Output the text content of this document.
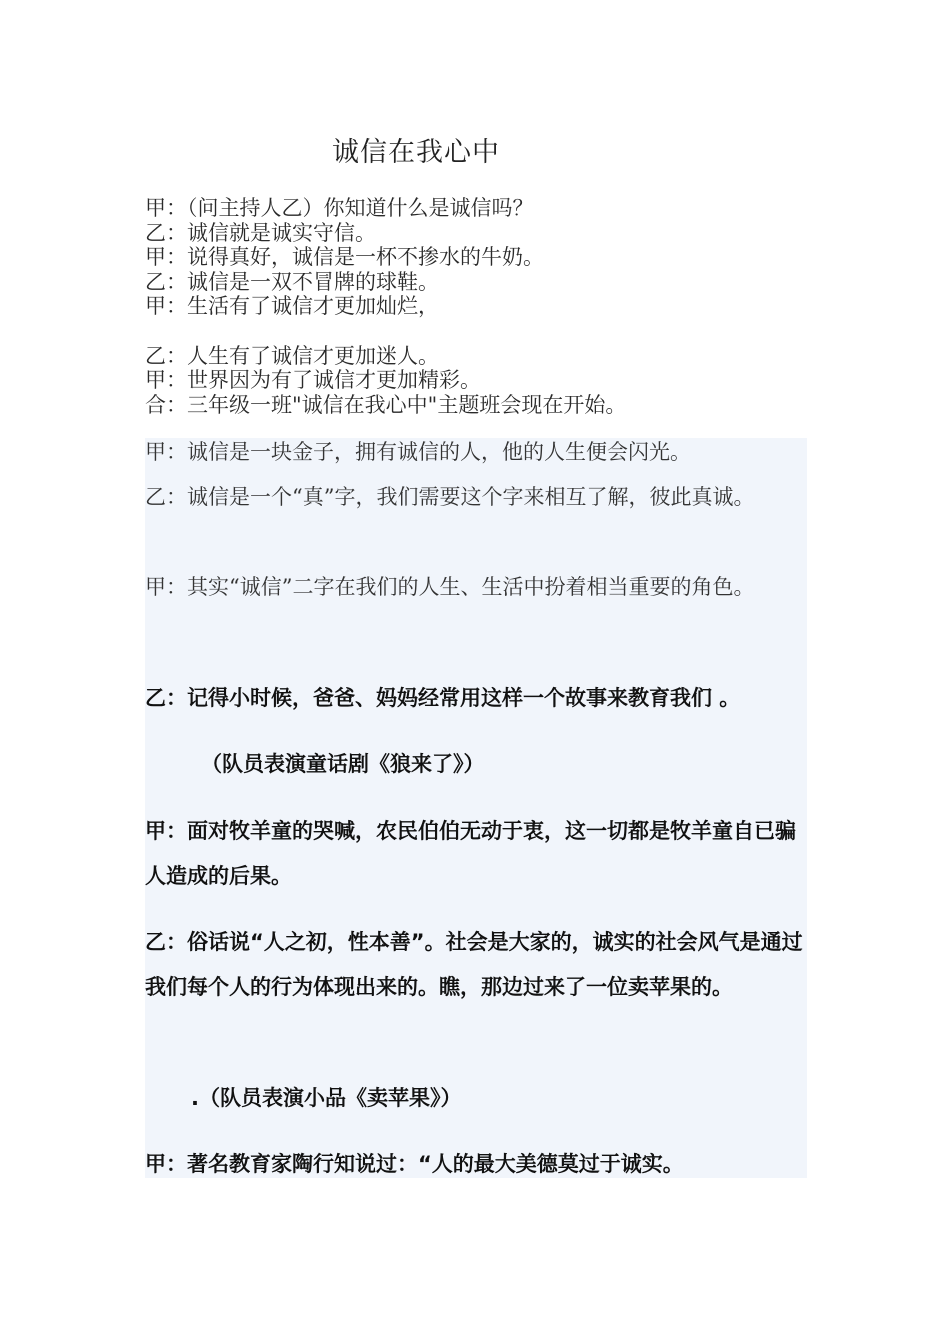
诚信在我心中
甲：（问主持人乙）你知道什么是诚信吗？
乙：诚信就是诚实守信。
甲：说得真好，诚信是一杯不掺水的牛奶。
乙：诚信是一双不冒牌的球鞋。
甲：生活有了诚信才更加灿烂，
乙：人生有了诚信才更加迷人。
甲：世界因为有了诚信才更加精彩。
合：三年级一班"诚信在我心中"主题班会现在开始。
甲：诚信是一块金子，拥有诚信的人，他的人生便会闪光。
乙：诚信是一个“真”字，我们需要这个字来相互了解，彼此真诚。
甲：其实“诚信”二字在我们的人生、生活中扮着相当重要的角色。
乙：记得小时候，爸爸、妈妈经常用这样一个故事来教育我们 。
（队员表演童话剧《狼来了》）
甲：面对牧羊童的哭喊，农民伯伯无动于衷，这一切都是牧羊童自已骗人造成的后果。
乙：俗话说“人之初，性本善”。社会是大家的，诚实的社会风气是通过我们每个人的行为体现出来的。瞧，那边过来了一位卖苹果的。
.（队员表演小品《卖苹果》）
甲：著名教育家陶行知说过：“人的最大美德莫过于诚实。
